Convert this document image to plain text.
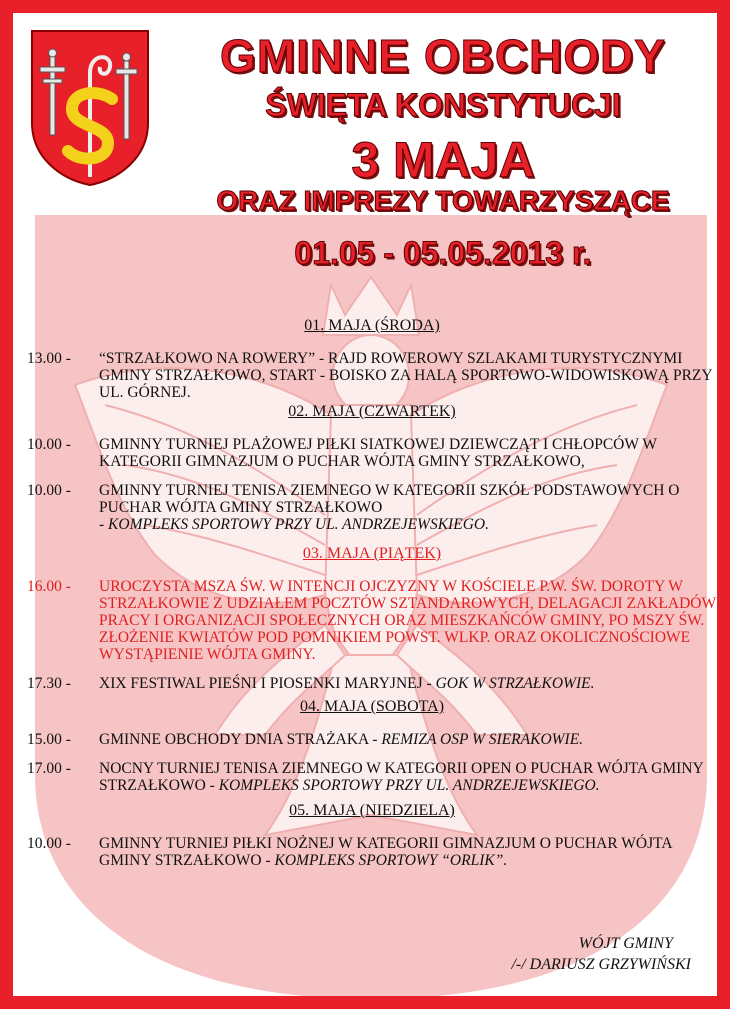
GMINNE OBCHODY
ŚWIĘTA KONSTYTUCJI
3 MAJA
ORAZ IMPREZY TOWARZYSZĄCE
01.05 - 05.05.2013 r.
01. MAJA (ŚRODA)
13.00 -	“STRZAŁKOWO NA ROWERY” - RAJD ROWEROWY SZLAKAMI TURYSTYCZNYMI GMINY STRZAŁKOWO, START - BOISKO ZA HALĄ SPORTOWO-WIDOWISKOWĄ PRZY UL. GÓRNEJ.
02. MAJA (CZWARTEK)
10.00 -	GMINNY TURNIEJ PLAŻOWEJ PIŁKI SIATKOWEJ DZIEWCZĄT I CHŁOPCÓW W KATEGORII GIMNAZJUM O PUCHAR WÓJTA GMINY STRZAŁKOWO,
10.00 -	GMINNY TURNIEJ TENISA ZIEMNEGO W KATEGORII SZKÓŁ PODSTAWOWYCH O PUCHAR WÓJTA GMINY STRZAŁKOWO
- KOMPLEKS SPORTOWY PRZY UL. ANDRZEJEWSKIEGO.
03. MAJA (PIĄTEK)
16.00 -	UROCZYSTA MSZA ŚW. W INTENCJI OJCZYZNY W KOŚCIELE P.W. ŚW. DOROTY W STRZAŁKOWIE Z UDZIAŁEM POCZTÓW SZTANDAROWYCH, DELAGACJI ZAKŁADÓW PRACY I ORGANIZACJI SPOŁECZNYCH ORAZ MIESZKAŃCÓW GMINY, PO MSZY ŚW. ZŁOŻENIE KWIATÓW POD POMNIKIEM POWST. WLKP. ORAZ OKOLICZNOŚCIOWE WYSTĄPIENIE WÓJTA GMINY.
17.30 -	XIX FESTIWAL PIEŚNI I PIOSENKI MARYJNEJ - GOK W STRZAŁKOWIE.
04. MAJA (SOBOTA)
15.00 -	GMINNE OBCHODY DNIA STRAŻAKA - REMIZA OSP W SIERAKOWIE.
17.00 -	NOCNY TURNIEJ TENISA ZIEMNEGO W KATEGORII OPEN O PUCHAR WÓJTA GMINY STRZAŁKOWO - KOMPLEKS SPORTOWY PRZY UL. ANDRZEJEWSKIEGO.
05. MAJA (NIEDZIELA)
10.00 -	GMINNY TURNIEJ PIŁKI NOŻNEJ W KATEGORII GIMNAZJUM O PUCHAR WÓJTA GMINY STRZAŁKOWO - KOMPLEKS SPORTOWY “ORLIK”.
WÓJT GMINY
/-/ DARIUSZ GRZYWIŃSKI
